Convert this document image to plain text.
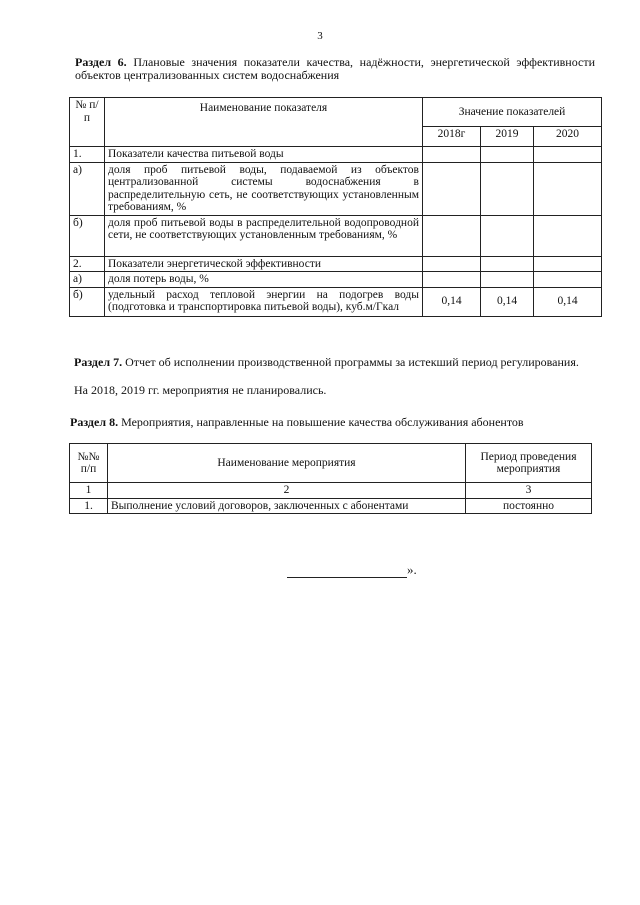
3
Раздел 6. Плановые значения показатели качества, надёжности, энергетической эффективности объектов централизованных систем водоснабжения
№ п/п	Наименование показателя	Значение показателей		
		2018г	2019	2020
1.	Показатели качества питьевой воды			
а)	доля проб питьевой воды, подаваемой из объектов централизованной системы водоснабжения в распределительную сеть, не соответствующих установленным требованиям, %			
б)	доля проб питьевой воды в распределительной водопроводной сети, не соответствующих установленным требованиям, %			
2.	Показатели энергетической эффективности			
а)	доля потерь воды, %			
б)	удельный расход тепловой энергии на подогрев воды (подготовка и транспортировка питьевой воды), куб.м/Гкал	0,14	0,14	0,14
Раздел 7. Отчет об исполнении производственной программы за истекший период регулирования.
На 2018, 2019 гг. мероприятия не планировались.
Раздел 8. Мероприятия, направленные на повышение качества обслуживания абонентов
№№ п/п	Наименование мероприятия	Период проведения мероприятия
1	2	3
1.	Выполнение условий договоров, заключенных с абонентами	постоянно
».
